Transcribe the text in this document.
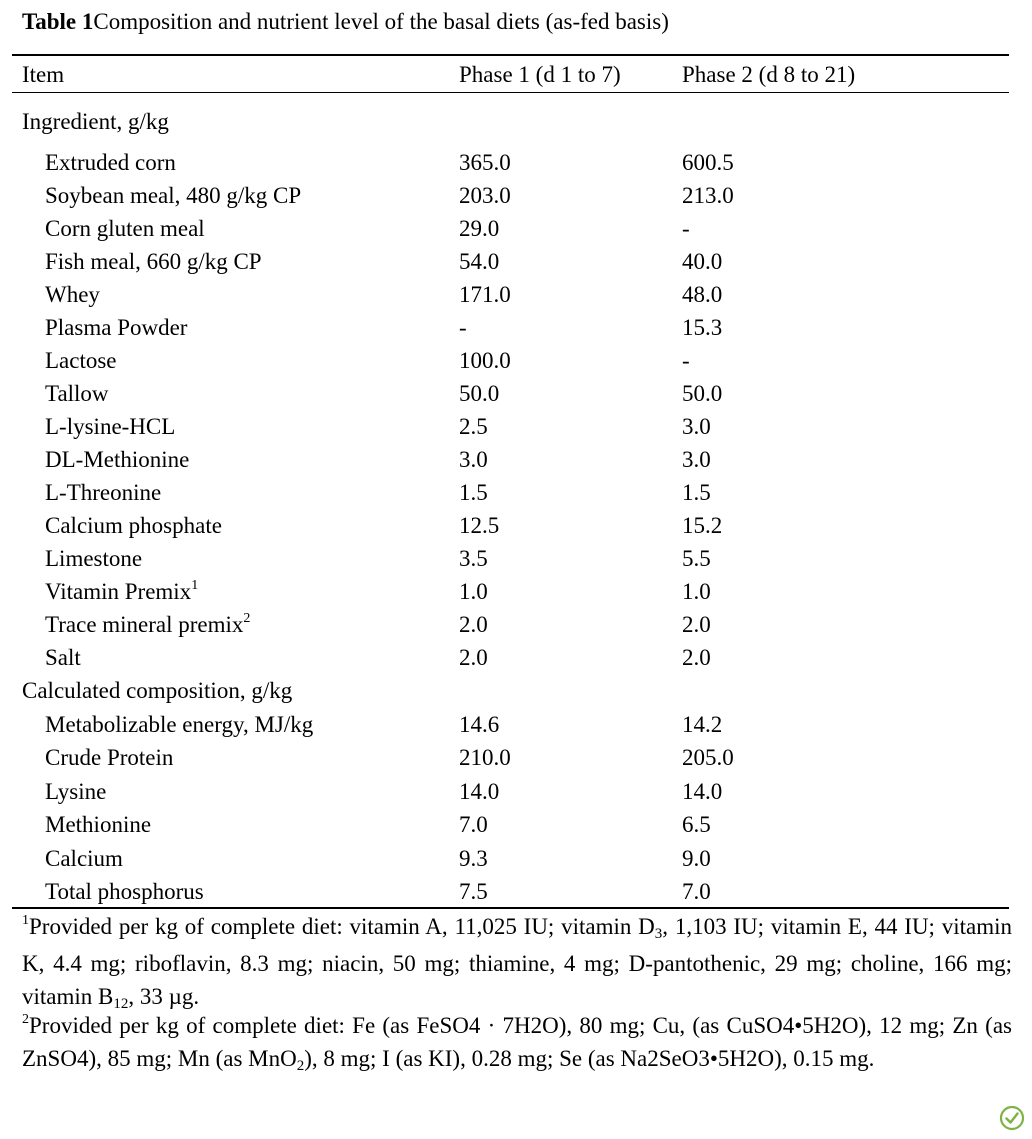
Table 1Composition and nutrient level of the basal diets (as-fed basis)
Item	Phase 1 (d 1 to 7)	Phase 2 (d 8 to 21)
Ingredient, g/kg
Extruded corn	365.0	600.5
Soybean meal, 480 g/kg CP	203.0	213.0
Corn gluten meal	29.0	-
Fish meal, 660 g/kg CP	54.0	40.0
Whey	171.0	48.0
Plasma Powder	-	15.3
Lactose	100.0	-
Tallow	50.0	50.0
L-lysine-HCL	2.5	3.0
DL-Methionine	3.0	3.0
L-Threonine	1.5	1.5
Calcium phosphate	12.5	15.2
Limestone	3.5	5.5
Vitamin Premix$^1$	1.0	1.0
Trace mineral premix$^2$	2.0	2.0
Salt	2.0	2.0
Calculated composition, g/kg
Metabolizable energy, MJ/kg	14.6	14.2
Crude Protein	210.0	205.0
Lysine	14.0	14.0
Methionine	7.0	6.5
Calcium	9.3	9.0
Total phosphorus	7.5	7.0
$^1$Provided per kg of complete diet: vitamin A, 11,025 IU; vitamin $D_3$, 1,103 IU; vitamin E, 44 IU; vitamin K, 4.4 mg; riboflavin, 8.3 mg; niacin, 50 mg; thiamine, 4 mg; D-pantothenic, 29 mg; choline, 166 mg; vitamin $B_{12}$, 33 µg.
$^2$Provided per kg of complete diet: Fe (as FeSO4 · 7H2O), 80 mg; Cu, (as CuSO4•5H2O), 12 mg; Zn (as ZnSO4), 85 mg; Mn (as MnO$_2$), 8 mg; I (as KI), 0.28 mg; Se (as Na2SeO3•5H2O), 0.15 mg.
